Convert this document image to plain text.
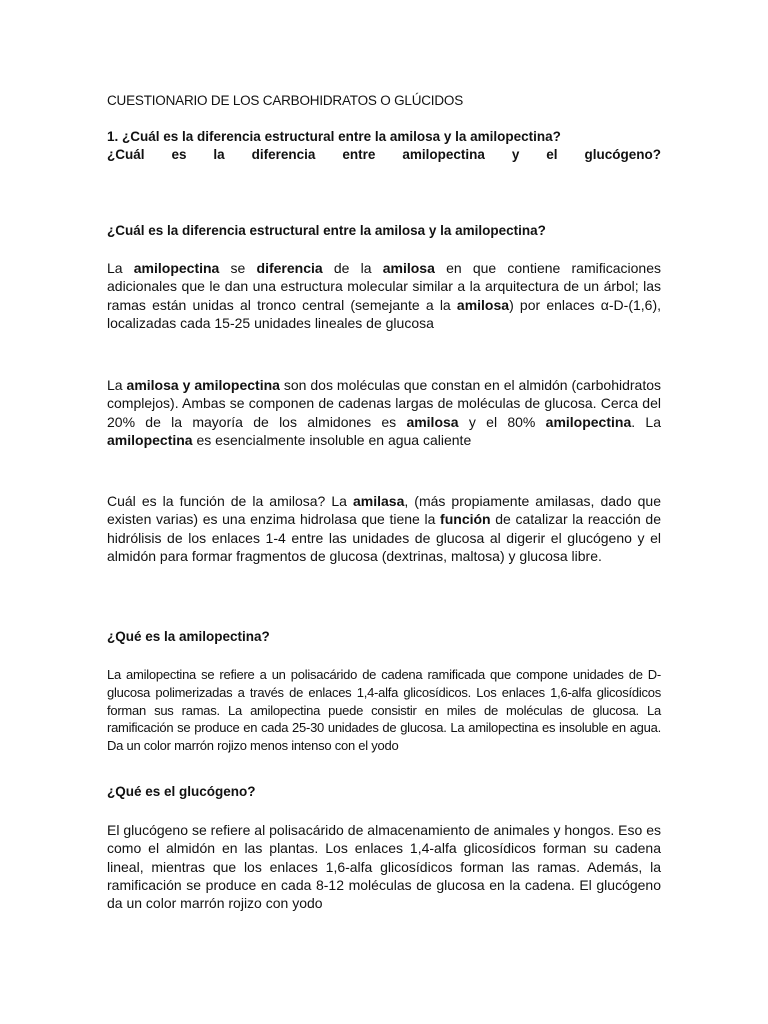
CUESTIONARIO DE LOS CARBOHIDRATOS O GLÚCIDOS
1. ¿Cuál es la diferencia estructural entre la amilosa y la amilopectina?
¿Cuál es la diferencia entre amilopectina y el glucógeno?
¿Cuál es la diferencia estructural entre la amilosa y la amilopectina?
La amilopectina se diferencia de la amilosa en que contiene ramificaciones adicionales que le dan una estructura molecular similar a la arquitectura de un árbol; las ramas están unidas al tronco central (semejante a la amilosa) por enlaces α-D-(1,6), localizadas cada 15-25 unidades lineales de glucosa
La amilosa y amilopectina son dos moléculas que constan en el almidón (carbohidratos complejos). Ambas se componen de cadenas largas de moléculas de glucosa. Cerca del 20% de la mayoría de los almidones es amilosa y el 80% amilopectina. La amilopectina es esencialmente insoluble en agua caliente
Cuál es la función de la amilosa? La amilasa, (más propiamente amilasas, dado que existen varias) es una enzima hidrolasa que tiene la función de catalizar la reacción de hidrólisis de los enlaces 1-4 entre las unidades de glucosa al digerir el glucógeno y el almidón para formar fragmentos de glucosa (dextrinas, maltosa) y glucosa libre.
¿Qué es la amilopectina?
La amilopectina se refiere a un polisacárido de cadena ramificada que compone unidades de D-glucosa polimerizadas a través de enlaces 1,4-alfa glicosídicos. Los enlaces 1,6-alfa glicosídicos forman sus ramas. La amilopectina puede consistir en miles de moléculas de glucosa. La ramificación se produce en cada 25-30 unidades de glucosa. La amilopectina es insoluble en agua. Da un color marrón rojizo menos intenso con el yodo
¿Qué es el glucógeno?
El glucógeno se refiere al polisacárido de almacenamiento de animales y hongos. Eso es como el almidón en las plantas. Los enlaces 1,4-alfa glicosídicos forman su cadena lineal, mientras que los enlaces 1,6-alfa glicosídicos forman las ramas. Además, la ramificación se produce en cada 8-12 moléculas de glucosa en la cadena. El glucógeno da un color marrón rojizo con yodo
